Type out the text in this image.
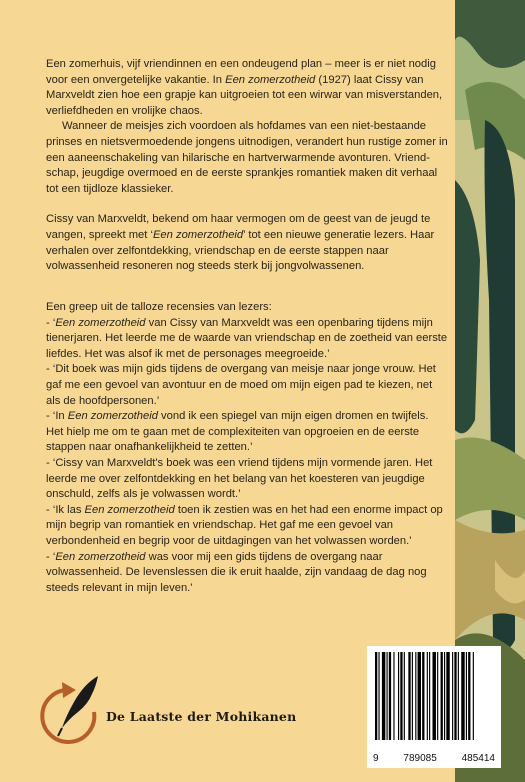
Een zomerhuis, vijf vriendinnen en een ondeugend plan – meer is er niet nodig voor een onvergetelijke vakantie. In Een zomerzotheid (1927) laat Cissy van Marxveldt zien hoe een grapje kan uitgroeien tot een wirwar van misverstanden, verliefdheden en vrolijke chaos.

Wanneer de meisjes zich voordoen als hofdames van een niet-bestaande prinses en nietsvermoedende jongens uitnodigen, verandert hun rustige zomer in een aaneenschakeling van hilarische en hartverwarmende avonturen. Vriend-schap, jeugdige overmoed en de eerste sprankjes romantiek maken dit verhaal tot een tijdloze klassieker.

Cissy van Marxveldt, bekend om haar vermogen om de geest van de jeugd te vangen, spreekt met ‘Een zomerzotheid’ tot een nieuwe generatie lezers. Haar verhalen over zelfontdekking, vriendschap en de eerste stappen naar volwassenheid resoneren nog steeds sterk bij jongvolwassenen.

Een greep uit de talloze recensies van lezers:

- ‘Een zomerzotheid van Cissy van Marxveldt was een openbaring tijdens mijn tienerjaren. Het leerde me de waarde van vriendschap en de zoetheid van eerste liefdes. Het was alsof ik met de personages meegroeide.’

- ‘Dit boek was mijn gids tijdens de overgang van meisje naar jonge vrouw. Het gaf me een gevoel van avontuur en de moed om mijn eigen pad te kiezen, net als de hoofdpersonen.’

- ‘In Een zomerzotheid vond ik een spiegel van mijn eigen dromen en twijfels. Het hielp me om te gaan met de complexiteiten van opgroeien en de eerste stappen naar onafhankelijkheid te zetten.’

- ‘Cissy van Marxveldt's boek was een vriend tijdens mijn vormende jaren. Het leerde me over zelfontdekking en het belang van het koesteren van jeugdige onschuld, zelfs als je volwassen wordt.’

- ‘Ik las Een zomerzotheid toen ik zestien was en het had een enorme impact op mijn begrip van romantiek en vriendschap. Het gaf me een gevoel van verbondenheid en begrip voor de uitdagingen van het volwassen worden.'

- ‘Een zomerzotheid was voor mij een gids tijdens de overgang naar volwassenheid. De levenslessen die ik eruit haalde, zijn vandaag de dag nog steeds relevant in mijn leven.'

De Laatste der Mohikanen
9 789085 485414
